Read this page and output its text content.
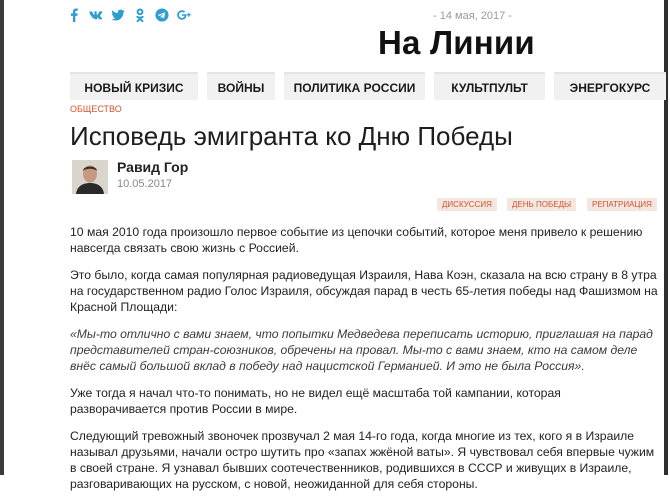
- 14 мая, 2017 -
На Линии
НОВЫЙ КРИЗИС	ВОЙНЫ	ПОЛИТИКА РОССИИ	КУЛЬТПУЛЬТ	ЭНЕРГОКУРС
ОБЩЕСТВО
Исповедь эмигранта ко Дню Победы
Равид Гор
10.05.2017
ДИСКУССИЯ	ДЕНЬ ПОБЕДЫ	РЕПАТРИАЦИЯ

10 мая 2010 года произошло первое событие из цепочки событий, которое меня привело к решению навсегда связать свою жизнь с Россией.

Это было, когда самая популярная радиоведущая Израиля, Нава Коэн, сказала на всю страну в 8 утра на государственном радио Голос Израиля, обсуждая парад в честь 65-летия победы над Фашизмом на Красной Площади:

«Мы-то отлично с вами знаем, что попытки Медведева переписать историю, приглашая на парад представителей стран-союзников, обречены на провал. Мы-то с вами знаем, кто на самом деле внёс самый большой вклад в победу над нацистской Германией. И это не была Россия».

Уже тогда я начал что-то понимать, но не видел ещё масштаба той кампании, которая разворачивается против России в мире.

Следующий тревожный звоночек прозвучал 2 мая 14-го года, когда многие из тех, кого я в Израиле называл друзьями, начали остро шутить про «запах жжёной ваты». Я чувствовал себя впервые чужим в своей стране. Я узнавал бывших соотечественников, родившихся в СССР и живущих в Израиле, разговаривающих на русском, с новой, неожиданной для себя стороны.
